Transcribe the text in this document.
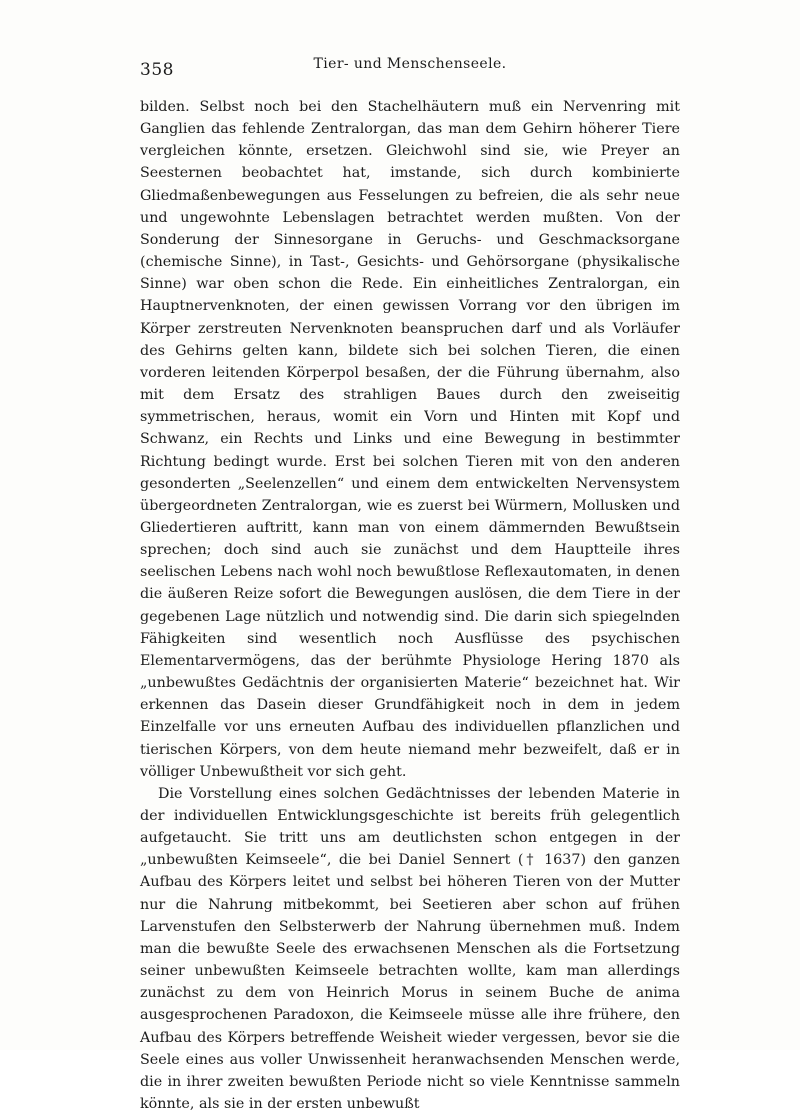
358	Tier- und Menschenseele.

bilden. Selbst noch bei den Stachelhäutern muß ein Nervenring mit Ganglien das fehlende Zentralorgan, das man dem Gehirn höherer Tiere vergleichen könnte, ersetzen. Gleichwohl sind sie, wie Preyer an Seesternen beobachtet hat, imstande, sich durch kombinierte Gliedmaßenbewegungen aus Fesselungen zu befreien, die als sehr neue und ungewohnte Lebenslagen betrachtet werden mußten. Von der Sonderung der Sinnesorgane in Geruchs- und Geschmacksorgane (chemische Sinne), in Tast-, Gesichts- und Gehörsorgane (physikalische Sinne) war oben schon die Rede. Ein einheitliches Zentralorgan, ein Hauptnervenknoten, der einen gewissen Vorrang vor den übrigen im Körper zerstreuten Nervenknoten beanspruchen darf und als Vorläufer des Gehirns gelten kann, bildete sich bei solchen Tieren, die einen vorderen leitenden Körperpol besaßen, der die Führung übernahm, also mit dem Ersatz des strahligen Baues durch den zweiseitig symmetrischen, heraus, womit ein Vorn und Hinten mit Kopf und Schwanz, ein Rechts und Links und eine Bewegung in bestimmter Richtung bedingt wurde. Erst bei solchen Tieren mit von den anderen gesonderten „Seelenzellen“ und einem dem entwickelten Nervensystem übergeordneten Zentralorgan, wie es zuerst bei Würmern, Mollusken und Gliedertieren auftritt, kann man von einem dämmernden Bewußtsein sprechen; doch sind auch sie zunächst und dem Hauptteile ihres seelischen Lebens nach wohl noch bewußtlose Reflexautomaten, in denen die äußeren Reize sofort die Bewegungen auslösen, die dem Tiere in der gegebenen Lage nützlich und notwendig sind. Die darin sich spiegelnden Fähigkeiten sind wesentlich noch Ausflüsse des psychischen Elementarvermögens, das der berühmte Physiologe Hering 1870 als „unbewußtes Gedächtnis der organisierten Materie“ bezeichnet hat. Wir erkennen das Dasein dieser Grundfähigkeit noch in dem in jedem Einzelfalle vor uns erneuten Aufbau des individuellen pflanzlichen und tierischen Körpers, von dem heute niemand mehr bezweifelt, daß er in völliger Unbewußtheit vor sich geht.

Die Vorstellung eines solchen Gedächtnisses der lebenden Materie in der individuellen Entwicklungsgeschichte ist bereits früh gelegentlich aufgetaucht. Sie tritt uns am deutlichsten schon entgegen in der „unbewußten Keimseele“, die bei Daniel Sennert († 1637) den ganzen Aufbau des Körpers leitet und selbst bei höheren Tieren von der Mutter nur die Nahrung mitbekommt, bei Seetieren aber schon auf frühen Larvenstufen den Selbsterwerb der Nahrung übernehmen muß. Indem man die bewußte Seele des erwachsenen Menschen als die Fortsetzung seiner unbewußten Keimseele betrachten wollte, kam man allerdings zunächst zu dem von Heinrich Morus in seinem Buche de anima ausgesprochenen Paradoxon, die Keimseele müsse alle ihre frühere, den Aufbau des Körpers betreffende Weisheit wieder vergessen, bevor sie die Seele eines aus voller Unwissenheit heranwachsenden Menschen werde, die in ihrer zweiten bewußten Periode nicht so viele Kenntnisse sammeln könnte, als sie in der ersten unbewußt
